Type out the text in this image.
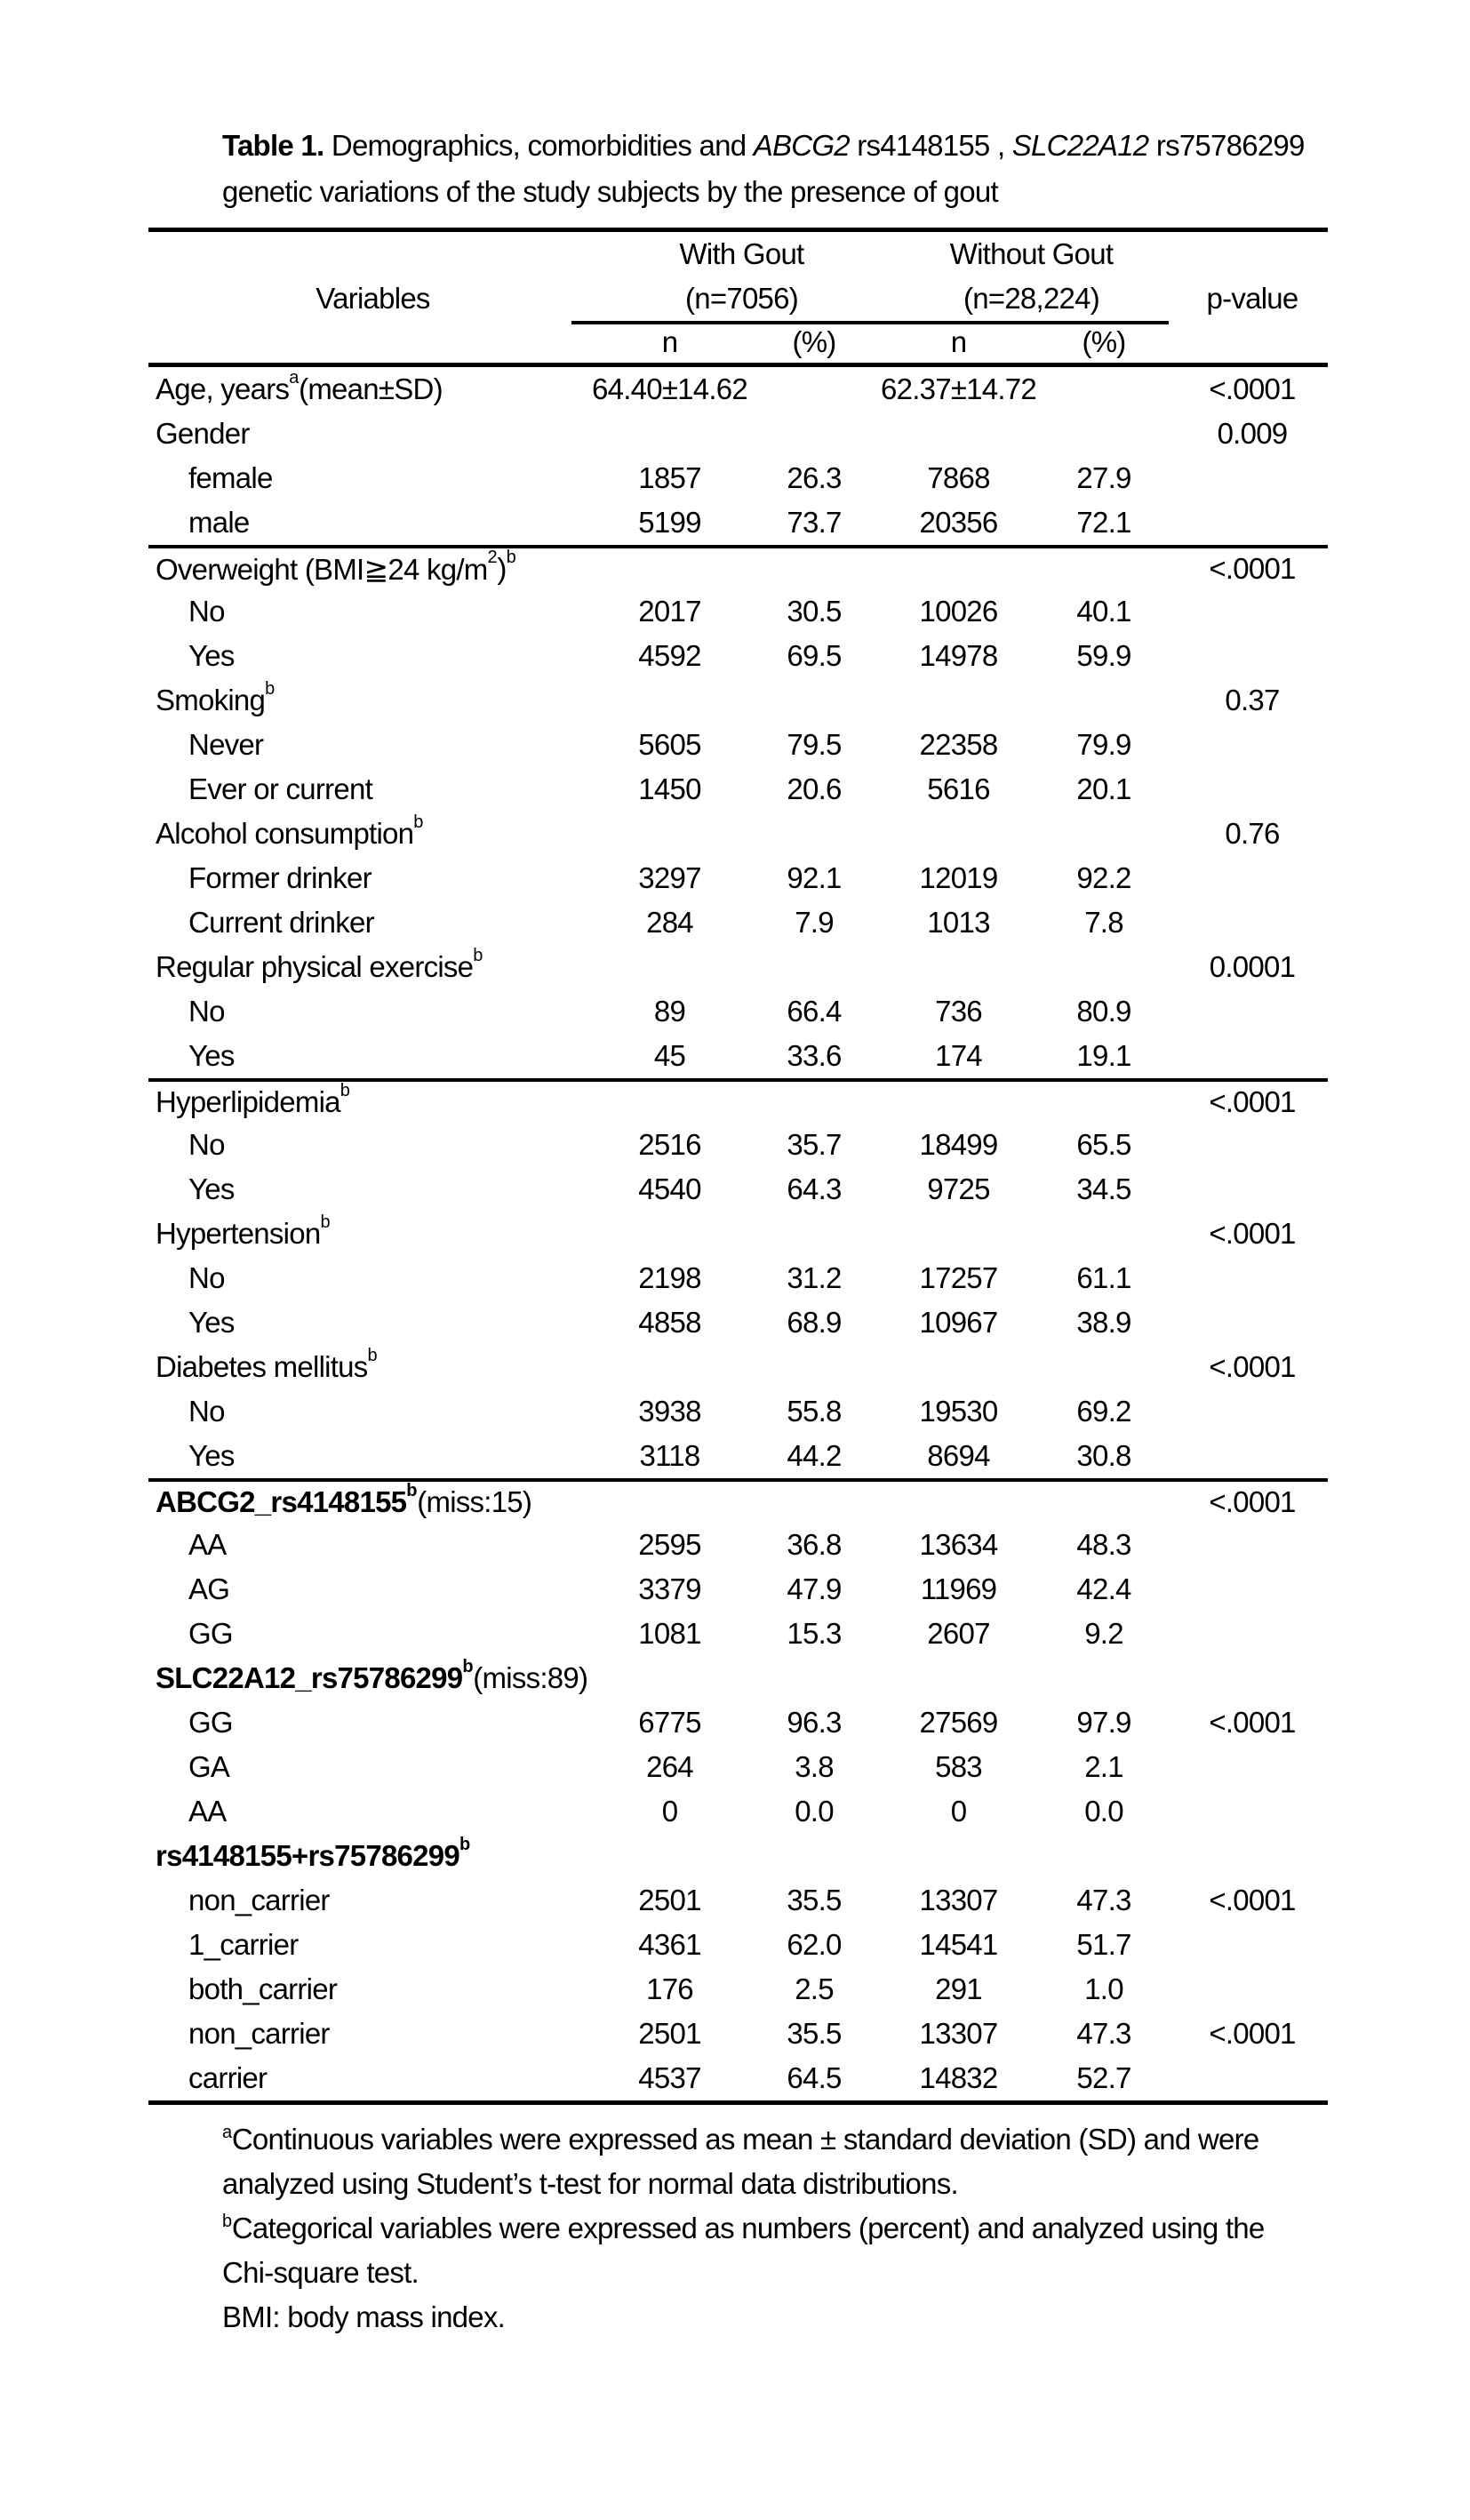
Table 1. Demographics, comorbidities and ABCG2 rs4148155 , SLC22A12 rs75786299
genetic variations of the study subjects by the presence of gout
With Gout	Without Gout
Variables	(n=7056)	(n=28,224)	p-value
n	(%)	n	(%)
Age, years$^a$ (mean±SD)	64.40±14.62	62.37±14.72	<.0001
Gender	0.009
female	1857	26.3	7868	27.9
male	5199	73.7	20356	72.1
Overweight (BMI≧24 $kg/m^2$ )$^b$	<.0001
No	2017	30.5	10026	40.1
Yes	4592	69.5	14978	59.9
Smoking$^b$	0.37
Never	5605	79.5	22358	79.9
Ever or current	1450	20.6	5616	20.1
Alcohol consumption$^b$	0.76
Former drinker	3297	92.1	12019	92.2
Current drinker	284	7.9	1013	7.8
Regular physical exercise$^b$	0.0001
No	89	66.4	736	80.9
Yes	45	33.6	174	19.1
Hyperlipidemia$^b$	<.0001
No	2516	35.7	18499	65.5
Yes	4540	64.3	9725	34.5
Hypertension$^b$	<.0001
No	2198	31.2	17257	61.1
Yes	4858	68.9	10967	38.9
Diabetes mellitus$^b$	<.0001
No	3938	55.8	19530	69.2
Yes	3118	44.2	8694	30.8
ABCG2_rs4148155$^b$ (miss:15)	<.0001
AA	2595	36.8	13634	48.3
AG	3379	47.9	11969	42.4
GG	1081	15.3	2607	9.2
SLC22A12_rs75786299$^b$ (miss:89)
GG	6775	96.3	27569	97.9	<.0001
GA	264	3.8	583	2.1
AA	0	0.0	0	0.0
$rs4148155+rs75786299^b$
non_carrier	2501	35.5	13307	47.3	<.0001
1_carrier	4361	62.0	14541	51.7
both_carrier	176	2.5	291	1.0
non_carrier	2501	35.5	13307	47.3	<.0001
carrier	4537	64.5	14832	52.7
$^a$Continuous variables were expressed as mean ± standard deviation (SD) and were
analyzed using Student’s t-test for normal data distributions.
$^b$Categorical variables were expressed as numbers (percent) and analyzed using the
Chi-square test.
BMI: body mass index.
